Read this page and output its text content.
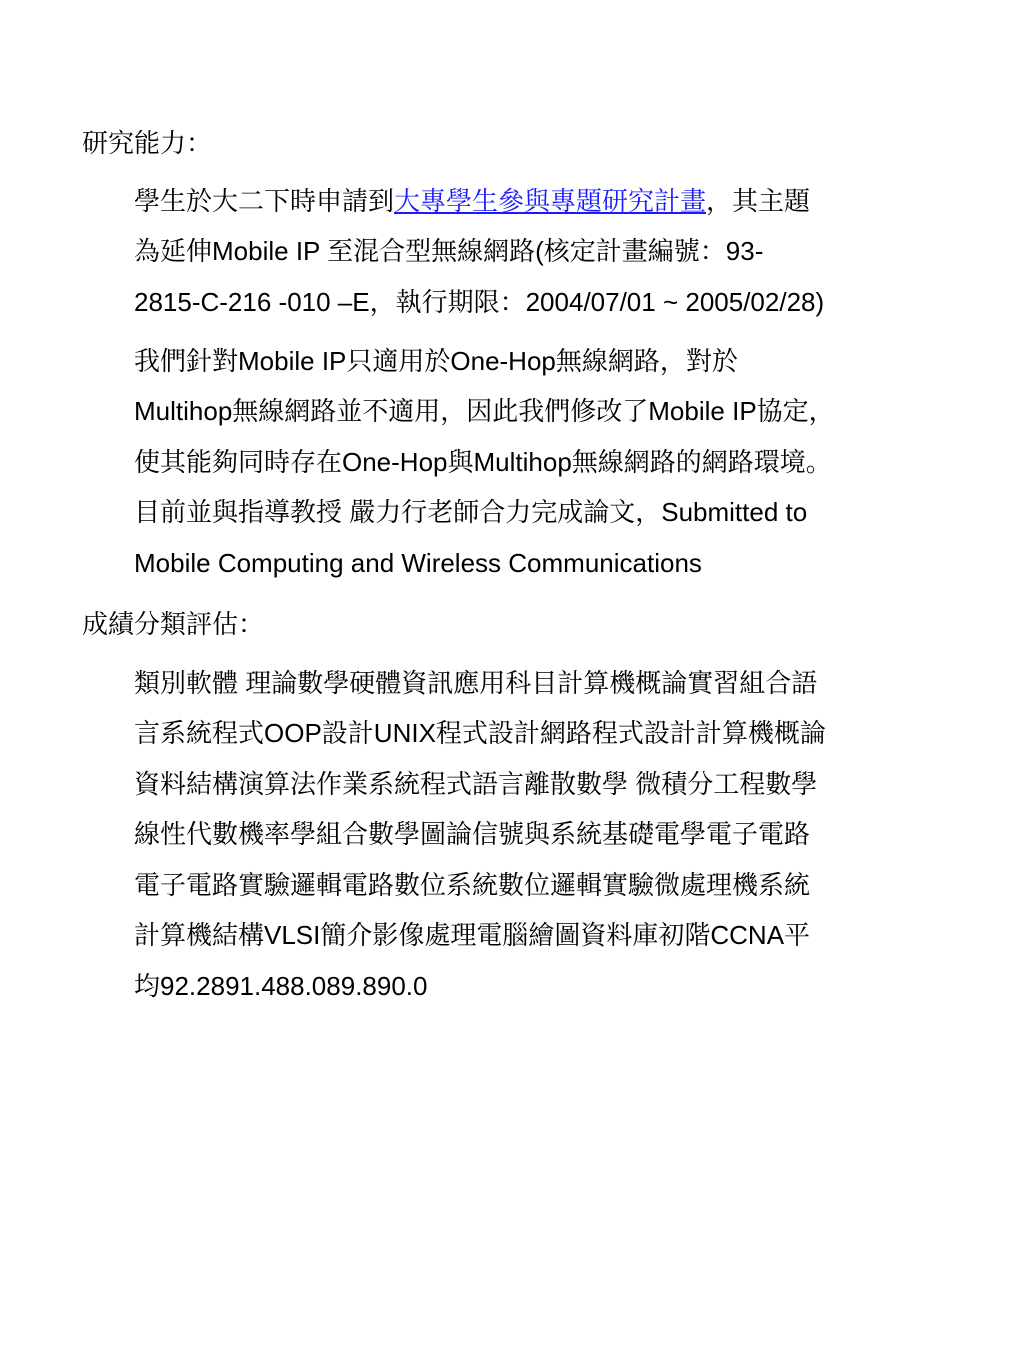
研究能力：
學生於大二下時申請到大專學生參與專題研究計畫，其主題
為延伸Mobile IP 至混合型無線網路(核定計畫編號：93-
2815-C-216 -010 –E，執行期限：2004/07/01 ~ 2005/02/28)
我們針對Mobile IP只適用於One-Hop無線網路，對於
Multihop無線網路並不適用，因此我們修改了Mobile IP協定，
使其能夠同時存在One-Hop與Multihop無線網路的網路環境。
目前並與指導教授 嚴力行老師合力完成論文，Submitted to
Mobile Computing and Wireless Communications
成績分類評估：
類別軟體 理論數學硬體資訊應用科目計算機概論實習組合語
言系統程式OOP設計UNIX程式設計網路程式設計計算機概論
資料結構演算法作業系統程式語言離散數學 微積分工程數學
線性代數機率學組合數學圖論信號與系統基礎電學電子電路
電子電路實驗邏輯電路數位系統數位邏輯實驗微處理機系統
計算機結構VLSI簡介影像處理電腦繪圖資料庫初階CCNA平
均92.2891.488.089.890.0
